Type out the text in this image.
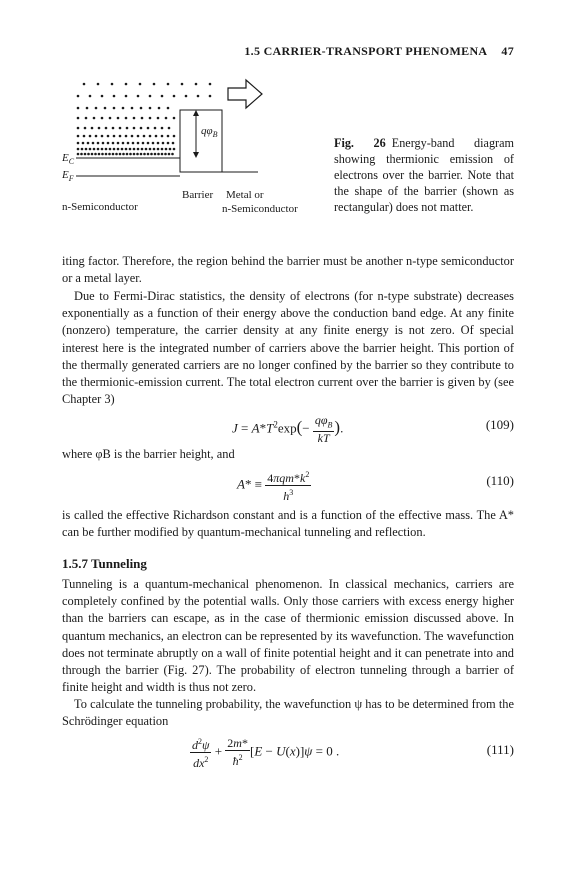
1.5 CARRIER-TRANSPORT PHENOMENA 47
$q\varphi_B$
$E_C$
$E_F$
n-Semiconductor
Barrier Metal or
n-Semiconductor
Fig. 26 Energy-band diagram showing thermionic emission of electrons over the barrier. Note that the shape of the barrier (shown as rectangular) does not matter.
iting factor. Therefore, the region behind the barrier must be another n-type semiconductor or a metal layer.
Due to Fermi-Dirac statistics, the density of electrons (for n-type substrate) decreases exponentially as a function of their energy above the conduction band edge. At any finite (nonzero) temperature, the carrier density at any finite energy is not zero. Of special interest here is the integrated number of carriers above the barrier height. This portion of the thermally generated carriers are no longer confined by the barrier so they contribute to the thermionic-emission current. The total electron current over the barrier is given by (see Chapter 3)
$J = A*T^2\exp(- \frac{q\varphi_B}{kT}$ ).	(109)
where φB is the barrier height, and
$A* \equiv \frac{4\pi qm*k^2}{h^3}$	(110)
is called the effective Richardson constant and is a function of the effective mass. The A* can be further modified by quantum-mechanical tunneling and reflection.
1.5.7 Tunneling
Tunneling is a quantum-mechanical phenomenon. In classical mechanics, carriers are completely confined by the potential walls. Only those carriers with excess energy higher than the barriers can escape, as in the case of thermionic emission discussed above. In quantum mechanics, an electron can be represented by its wavefunction. The wavefunction does not terminate abruptly on a wall of finite potential height and it can penetrate into and through the barrier (Fig. 27). The probability of electron tunneling through a barrier of finite height and width is thus not zero.
To calculate the tunneling probability, the wavefunction ψ has to be determined from the Schrödinger equation
$\frac{d^2\psi}{dx^2} + \frac{2m*}{ħ^2} [E - U(x)]\psi = 0$ .	(111)
